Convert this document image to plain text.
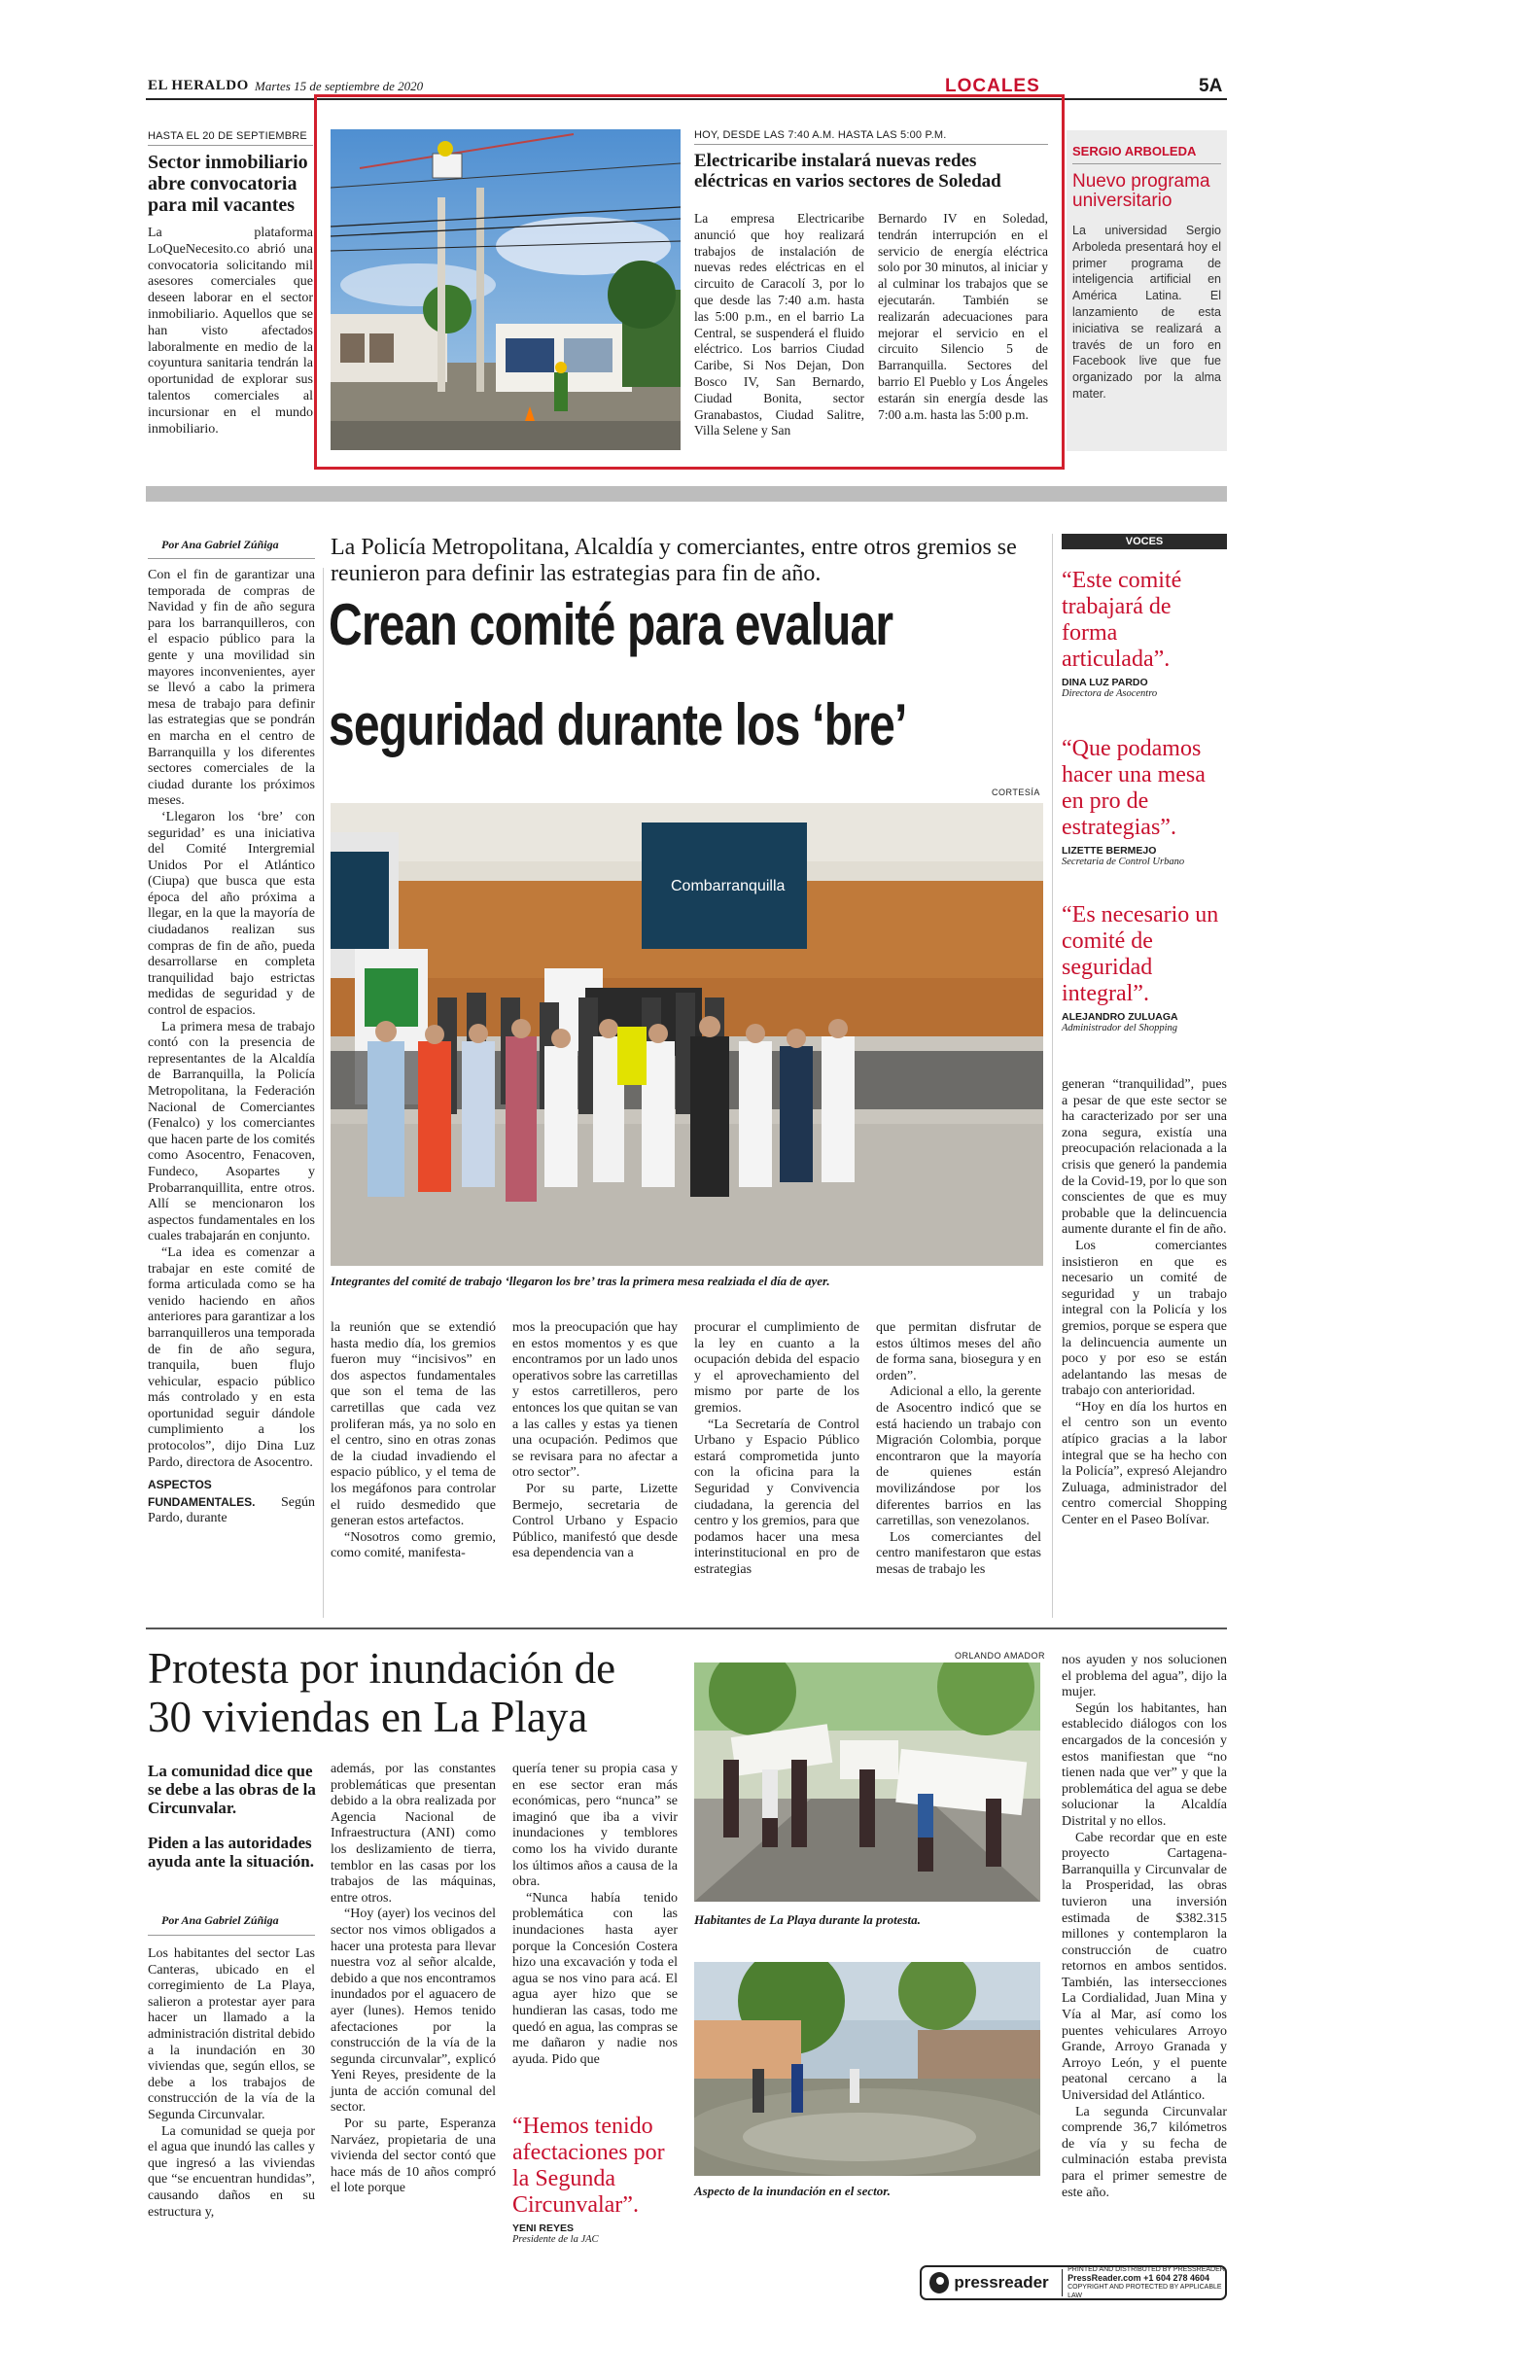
EL HERALDO Martes 15 de septiembre de 2020	LOCALES	5A
HASTA EL 20 DE SEPTIEMBRE
Sector inmobiliario abre convocatoria para mil vacantes
La plataforma LoQueNecesito.co abrió una convocatoria solicitando mil asesores comerciales que deseen laborar en el sector inmobiliario. Aquellos que se han visto afectados laboralmente en medio de la coyuntura sanitaria tendrán la oportunidad de explorar sus talentos comerciales al incursionar en el mundo inmobiliario.
HOY, DESDE LAS 7:40 A.M. HASTA LAS 5:00 P.M.
Electricaribe instalará nuevas redes eléctricas en varios sectores de Soledad
La empresa Electricaribe anunció que hoy realizará trabajos de instalación de nuevas redes eléctricas en el circuito de Caracolí 3, por lo que desde las 7:40 a.m. hasta las 5:00 p.m., en el barrio La Central, se suspenderá el fluido eléctrico. Los barrios Ciudad Caribe, Si Nos Dejan, Don Bosco IV, San Bernardo, Ciudad Bonita, sector Granabastos, Ciudad Salitre, Villa Selene y San
Bernardo IV en Soledad, tendrán interrupción en el servicio de energía eléctrica solo por 30 minutos, al iniciar y al culminar los trabajos que se ejecutarán. También se realizarán adecuaciones para mejorar el servicio en el circuito Silencio 5 de Barranquilla. Sectores del barrio El Pueblo y Los Ángeles estarán sin energía desde las 7:00 a.m. hasta las 5:00 p.m.
SERGIO ARBOLEDA
Nuevo programa universitario
La universidad Sergio Arboleda presentará hoy el primer programa de inteligencia artificial en América Latina. El lanzamiento de esta iniciativa se realizará a través de un foro en Facebook live que fue organizado por la alma mater.
Por Ana Gabriel Zúñiga La Policía Metropolitana, Alcaldía y comerciantes, entre otros gremios se reunieron para definir las estrategias para fin de año.
Crean comité para evaluar
seguridad durante los ‘bre’
CORTESÍA
Combarranquilla
Integrantes del comité de trabajo ‘llegaron los bre’ tras la primera mesa realziada el día de ayer.

Con el fin de garantizar una temporada de compras de Navidad y fin de año segura para los barranquilleros, con el espacio público para la gente y una movilidad sin mayores inconvenientes, ayer se llevó a cabo la primera mesa de trabajo para definir las estrategias que se pondrán en marcha en el centro de Barranquilla y los diferentes sectores comerciales de la ciudad durante los próximos meses.

‘Llegaron los ‘bre’ con seguridad’ es una iniciativa del Comité Intergremial Unidos Por el Atlántico (Ciupa) que busca que esta época del año próxima a llegar, en la que la mayoría de ciudadanos realizan sus compras de fin de año, pueda desarrollarse en completa tranquilidad bajo estrictas medidas de seguridad y de control de espacios.

La primera mesa de trabajo contó con la presencia de representantes de la Alcaldía de Barranquilla, la Policía Metropolitana, la Federación Nacional de Comerciantes (Fenalco) y los comerciantes que hacen parte de los comités como Asocentro, Fenacoven, Fundeco, Asopartes y Probarranquillita, entre otros. Allí se mencionaron los aspectos fundamentales en los cuales trabajarán en conjunto.

“La idea es comenzar a trabajar en este comité de forma articulada como se ha venido haciendo en años anteriores para garantizar a los barranquilleros una temporada de fin de año segura, tranquila, buen flujo vehicular, espacio público más controlado y en esta oportunidad seguir dándole cumplimiento a los protocolos”, dijo Dina Luz Pardo, directora de Asocentro.

ASPECTOS FUNDAMENTALES. Según Pardo, durante

la reunión que se extendió hasta medio día, los gremios fueron muy “incisivos” en dos aspectos fundamentales que son el tema de las carretillas que cada vez proliferan más, ya no solo en el centro, sino en otras zonas de la ciudad invadiendo el espacio público, y el tema de los megáfonos para controlar el ruido desmedido que generan estos artefactos.

“Nosotros como gremio, como comité, manifesta-

mos la preocupación que hay en estos momentos y es que encontramos por un lado unos operativos sobre las carretillas y estos carretilleros, pero entonces los que quitan se van a las calles y estas ya tienen una ocupación. Pedimos que se revisara para no afectar a otro sector”.

Por su parte, Lizette Bermejo, secretaria de Control Urbano y Espacio Público, manifestó que desde esa dependencia van a

procurar el cumplimiento de la ley en cuanto a la ocupación debida del espacio y el aprovechamiento del mismo por parte de los gremios.

“La Secretaría de Control Urbano y Espacio Público estará comprometida junto con la oficina para la Seguridad y Convivencia ciudadana, la gerencia del centro y los gremios, para que podamos hacer una mesa interinstitucional en pro de estrategias

que permitan disfrutar de estos últimos meses del año de forma sana, biosegura y en orden”.

Adicional a ello, la gerente de Asocentro indicó que se está haciendo un trabajo con Migración Colombia, porque encontraron que la mayoría de quienes están movilizándose por los diferentes barrios en las carretillas, son venezolanos.

Los comerciantes del centro manifestaron que estas mesas de trabajo les

VOCES
“Este comité trabajará de forma articulada”.
DINA LUZ PARDO
Directora de Asocentro
“Que podamos hacer una mesa en pro de estrategias”.
LIZETTE BERMEJO
Secretaria de Control Urbano
“Es necesario un comité de seguridad integral”.
ALEJANDRO ZULUAGA
Administrador del Shopping

generan “tranquilidad”, pues a pesar de que este sector se ha caracterizado por ser una zona segura, existía una preocupación relacionada a la crisis que generó la pandemia de la Covid-19, por lo que son conscientes de que es muy probable que la delincuencia aumente durante el fin de año.

Los comerciantes insistieron en que es necesario un comité de seguridad y un trabajo integral con la Policía y los gremios, porque se espera que la delincuencia aumente un poco y por eso se están adelantando las mesas de trabajo con anterioridad.

“Hoy en día los hurtos en el centro son un evento atípico gracias a la labor integral que se ha hecho con la Policía”, expresó Alejandro Zuluaga, administrador del centro comercial Shopping Center en el Paseo Bolívar.

Protesta por inundación de
30 viviendas en La Playa
La comunidad dice que se debe a las obras de la Circunvalar.
Piden a las autoridades ayuda ante la situación.
Por Ana Gabriel Zúñiga

Los habitantes del sector Las Canteras, ubicado en el corregimiento de La Playa, salieron a protestar ayer para hacer un llamado a la administración distrital debido a la inundación en 30 viviendas que, según ellos, se debe a los trabajos de construcción de la vía de la Segunda Circunvalar.

La comunidad se queja por el agua que inundó las calles y que ingresó a las viviendas que “se encuentran hundidas”, causando daños en su estructura y,

además, por las constantes problemáticas que presentan debido a la obra realizada por Agencia Nacional de Infraestructura (ANI) como los deslizamiento de tierra, temblor en las casas por los trabajos de las máquinas, entre otros.

“Hoy (ayer) los vecinos del sector nos vimos obligados a hacer una protesta para llevar nuestra voz al señor alcalde, debido a que nos encontramos inundados por el aguacero de ayer (lunes). Hemos tenido afectaciones por la construcción de la vía de la segunda circunvalar”, explicó Yeni Reyes, presidente de la junta de acción comunal del sector.

Por su parte, Esperanza Narváez, propietaria de una vivienda del sector contó que hace más de 10 años compró el lote porque

quería tener su propia casa y en ese sector eran más económicas, pero “nunca” se imaginó que iba a vivir inundaciones y temblores como los ha vivido durante los últimos años a causa de la obra.

“Nunca había tenido problemática con las inundaciones hasta ayer porque la Concesión Costera hizo una excavación y toda el agua se nos vino para acá. El agua ayer hizo que se hundieran las casas, todo me quedó en agua, las compras se me dañaron y nadie nos ayuda. Pido que

“Hemos tenido afectaciones por la Segunda Circunvalar”.
YENI REYES
Presidente de la JAC
ORLANDO AMADOR
Habitantes de La Playa durante la protesta.
Aspecto de la inundación en el sector.

nos ayuden y nos solucionen el problema del agua”, dijo la mujer.

Según los habitantes, han establecido diálogos con los encargados de la concesión y estos manifiestan que “no tienen nada que ver” y que la problemática del agua se debe solucionar la Alcaldía Distrital y no ellos.

Cabe recordar que en este proyecto Cartagena-Barranquilla y Circunvalar de la Prosperidad, las obras tuvieron una inversión estimada de $382.315 millones y contemplaron la construcción de cuatro retornos en ambos sentidos. También, las intersecciones La Cordialidad, Juan Mina y Vía al Mar, así como los puentes vehiculares Arroyo Grande, Arroyo Granada y Arroyo León, y el puente peatonal cercano a la Universidad del Atlántico.

La segunda Circunvalar comprende 36,7 kilómetros de vía y su fecha de culminación estaba prevista para el primer semestre de este año.

pressreader
PRINTED AND DISTRIBUTED BY PRESSREADER
PressReader.com +1 604 278 4604
COPYRIGHT AND PROTECTED BY APPLICABLE LAW
